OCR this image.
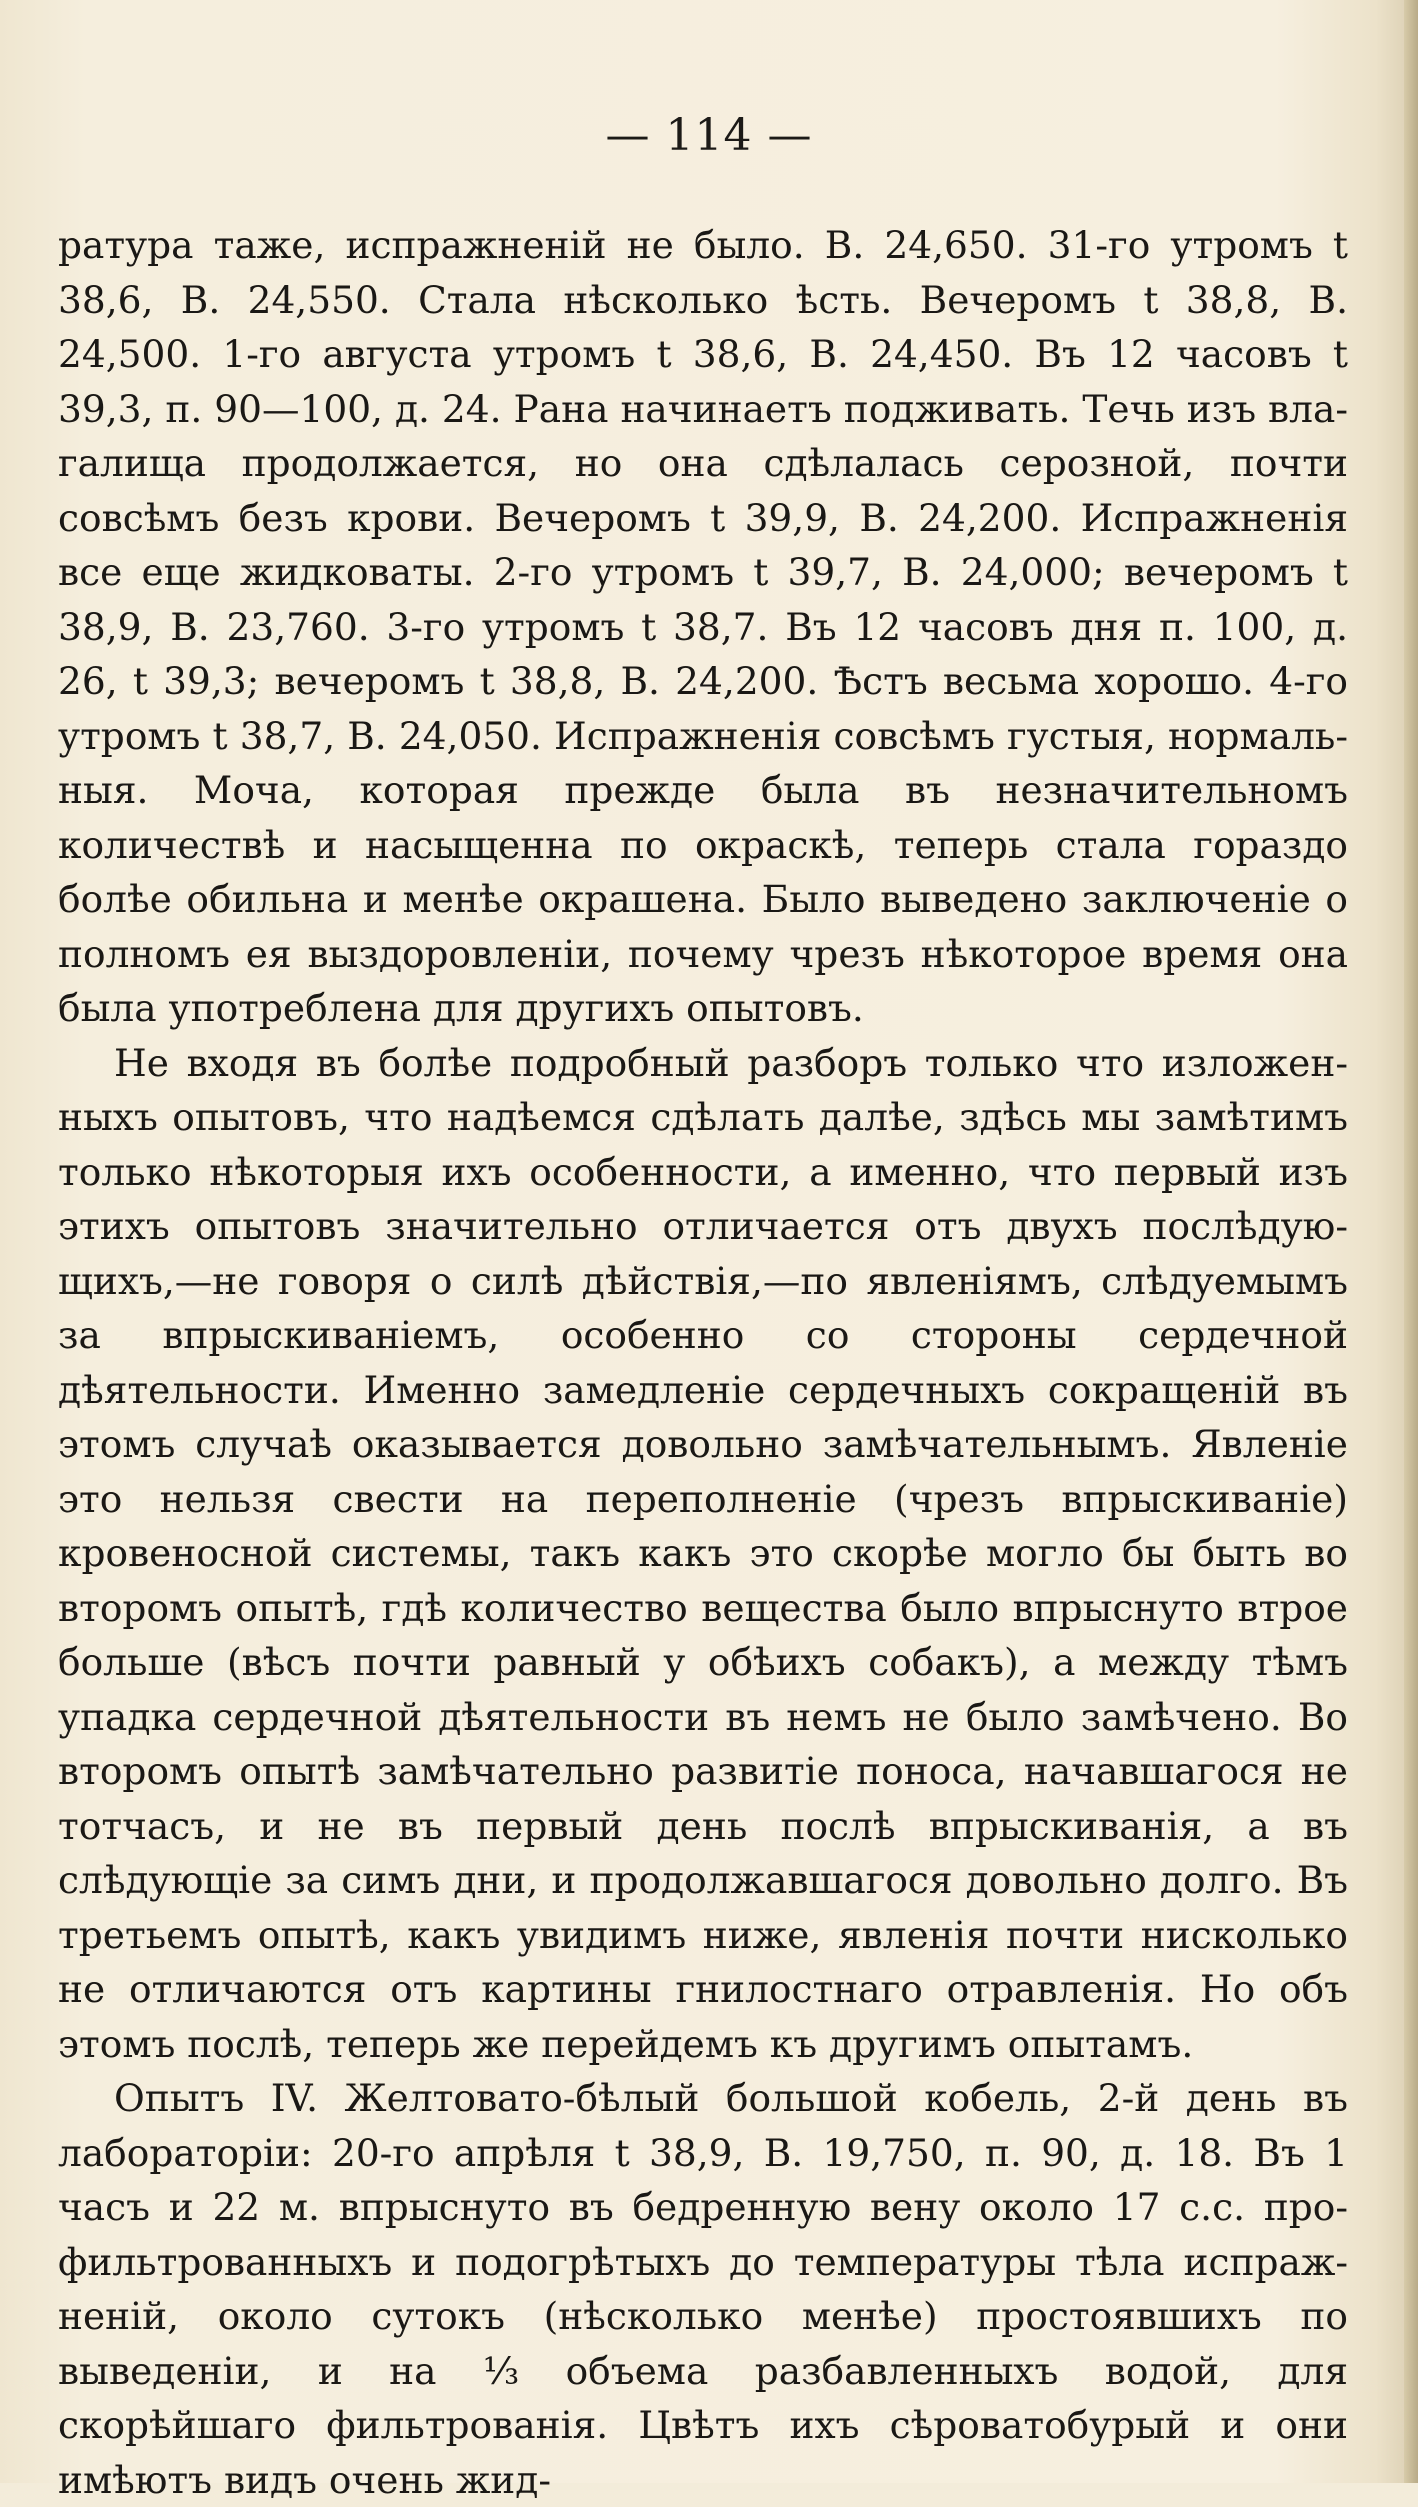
— 114 —

ратура таже, испражненій не было. В. 24,650. 31-го утромъ t 38,6, В. 24,550. Стала нѣсколько ѣсть. Вечеромъ t 38,8, В. 24,500. 1-го августа утромъ t 38,6, В. 24,450. Въ 12 часовъ t 39,3, п. 90—100, д. 24. Рана начинаетъ подживать. Течь изъ влагалища продолжается, но она сдѣлалась серозной, почти совсѣмъ безъ крови. Вечеромъ t 39,9, В. 24,200. Испражненія все еще жидковаты. 2-го утромъ t 39,7, В. 24,000; вечеромъ t 38,9, В. 23,760. 3-го утромъ t 38,7. Въ 12 часовъ дня п. 100, д. 26, t 39,3; вечеромъ t 38,8, В. 24,200. Ѣстъ весьма хорошо. 4-го утромъ t 38,7, В. 24,050. Испражненія совсѣмъ густыя, нормальныя. Моча, которая прежде была въ незначительномъ количествѣ и насыщенна по окраскѣ, теперь стала гораздо болѣе обильна и менѣе окрашена. Было выведено заключеніе о полномъ ея выздоровленіи, почему чрезъ нѣкоторое время она была употреблена для другихъ опытовъ.

Не входя въ болѣе подробный разборъ только что изложенныхъ опытовъ, что надѣемся сдѣлать далѣе, здѣсь мы замѣтимъ только нѣкоторыя ихъ особенности, а именно, что первый изъ этихъ опытовъ значительно отличается отъ двухъ послѣдующихъ,—не говоря о силѣ дѣйствія,—по явленіямъ, слѣдуемымъ за впрыскиваніемъ, особенно со стороны сердечной дѣятельности. Именно замедленіе сердечныхъ сокращеній въ этомъ случаѣ оказывается довольно замѣчательнымъ. Явленіе это нельзя свести на переполненіе (чрезъ впрыскиваніе) кровеносной системы, такъ какъ это скорѣе могло бы быть во второмъ опытѣ, гдѣ количество вещества было впрыснуто втрое больше (вѣсъ почти равный у обѣихъ собакъ), а между тѣмъ упадка сердечной дѣятельности въ немъ не было замѣчено. Во второмъ опытѣ замѣчательно развитіе поноса, начавшагося не тотчасъ, и не въ первый день послѣ впрыскиванія, а въ слѣдующіе за симъ дни, и продолжавшагося довольно долго. Въ третьемъ опытѣ, какъ увидимъ ниже, явленія почти нисколько не отличаются отъ картины гнилостнаго отравленія. Но объ этомъ послѣ, теперь же перейдемъ къ другимъ опытамъ.

Опытъ IV. Желтовато-бѣлый большой кобель, 2-й день въ лабораторіи: 20-го апрѣля t 38,9, В. 19,750, п. 90, д. 18. Въ 1 часъ и 22 м. впрыснуто въ бедренную вену около 17 с.с. профильтрованныхъ и подогрѣтыхъ до температуры тѣла испражненій, около сутокъ (нѣсколько менѣе) простоявшихъ по выведеніи, и на ⅓ объема разбавленныхъ водой, для скорѣйшаго фильтрованія. Цвѣтъ ихъ сѣроватобурый и они имѣютъ видъ очень жид-
